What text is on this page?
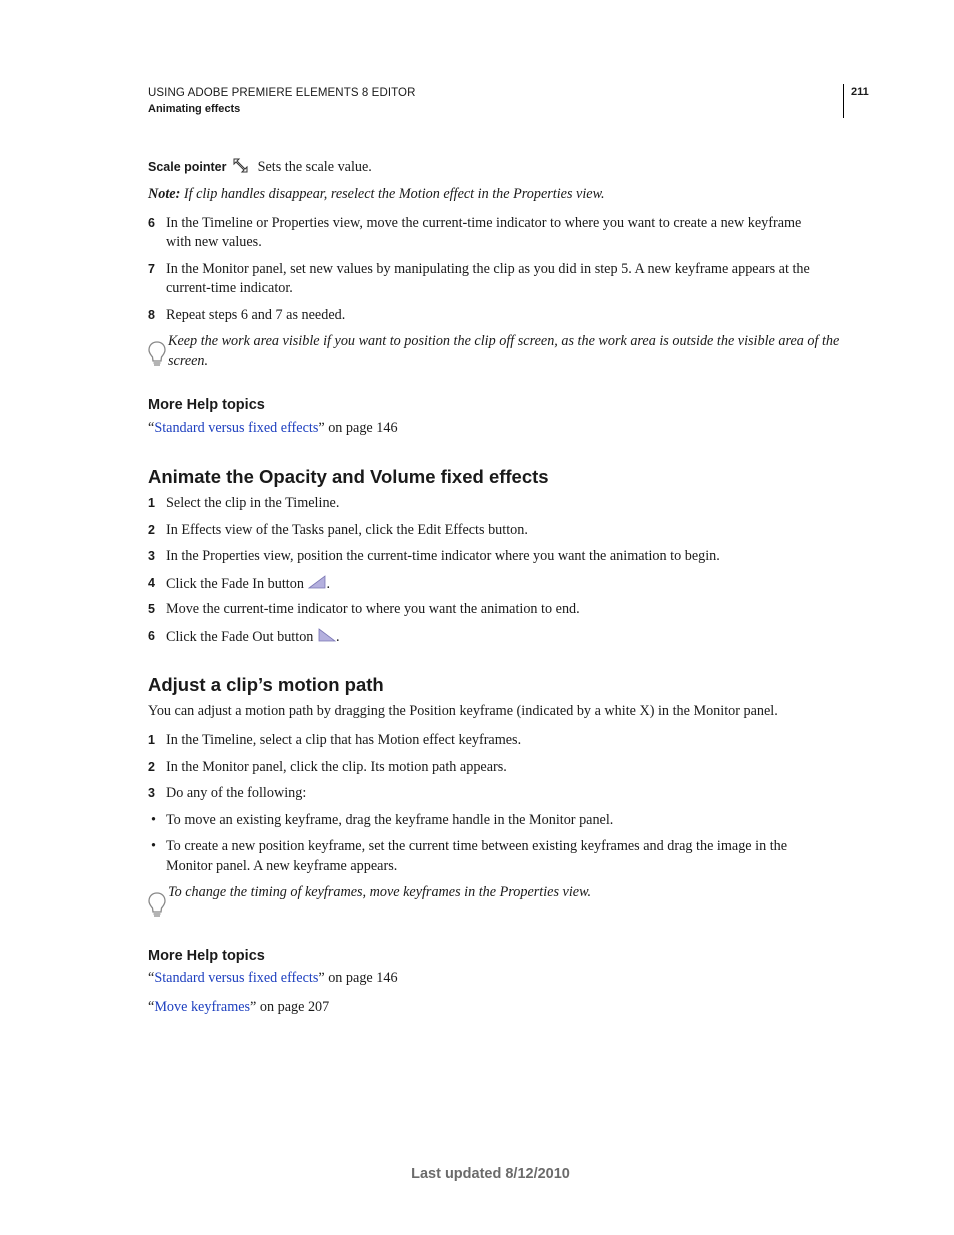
USING ADOBE PREMIERE ELEMENTS 8 EDITOR
Animating effects
211
Scale pointer Sets the scale value.
Note: If clip handles disappear, reselect the Motion effect in the Properties view.
6 In the Timeline or Properties view, move the current-time indicator to where you want to create a new keyframe
with new values.
7 In the Monitor panel, set new values by manipulating the clip as you did in step 5. A new keyframe appears at the
current-time indicator.
8 Repeat steps 6 and 7 as needed.
Keep the work area visible if you want to position the clip off screen, as the work area is outside the visible area of the
screen.
More Help topics
“Standard versus fixed effects” on page 146
Animate the Opacity and Volume fixed effects
1 Select the clip in the Timeline.
2 In Effects view of the Tasks panel, click the Edit Effects button.
3 In the Properties view, position the current-time indicator where you want the animation to begin.
4 Click the Fade In button .
5 Move the current-time indicator to where you want the animation to end.
6 Click the Fade Out button .
Adjust a clip’s motion path
You can adjust a motion path by dragging the Position keyframe (indicated by a white X) in the Monitor panel.
1 In the Timeline, select a clip that has Motion effect keyframes.
2 In the Monitor panel, click the clip. Its motion path appears.
3 Do any of the following:
• To move an existing keyframe, drag the keyframe handle in the Monitor panel.
• To create a new position keyframe, set the current time between existing keyframes and drag the image in the
Monitor panel. A new keyframe appears.
To change the timing of keyframes, move keyframes in the Properties view.
More Help topics
“Standard versus fixed effects” on page 146
“Move keyframes” on page 207
Last updated 8/12/2010
